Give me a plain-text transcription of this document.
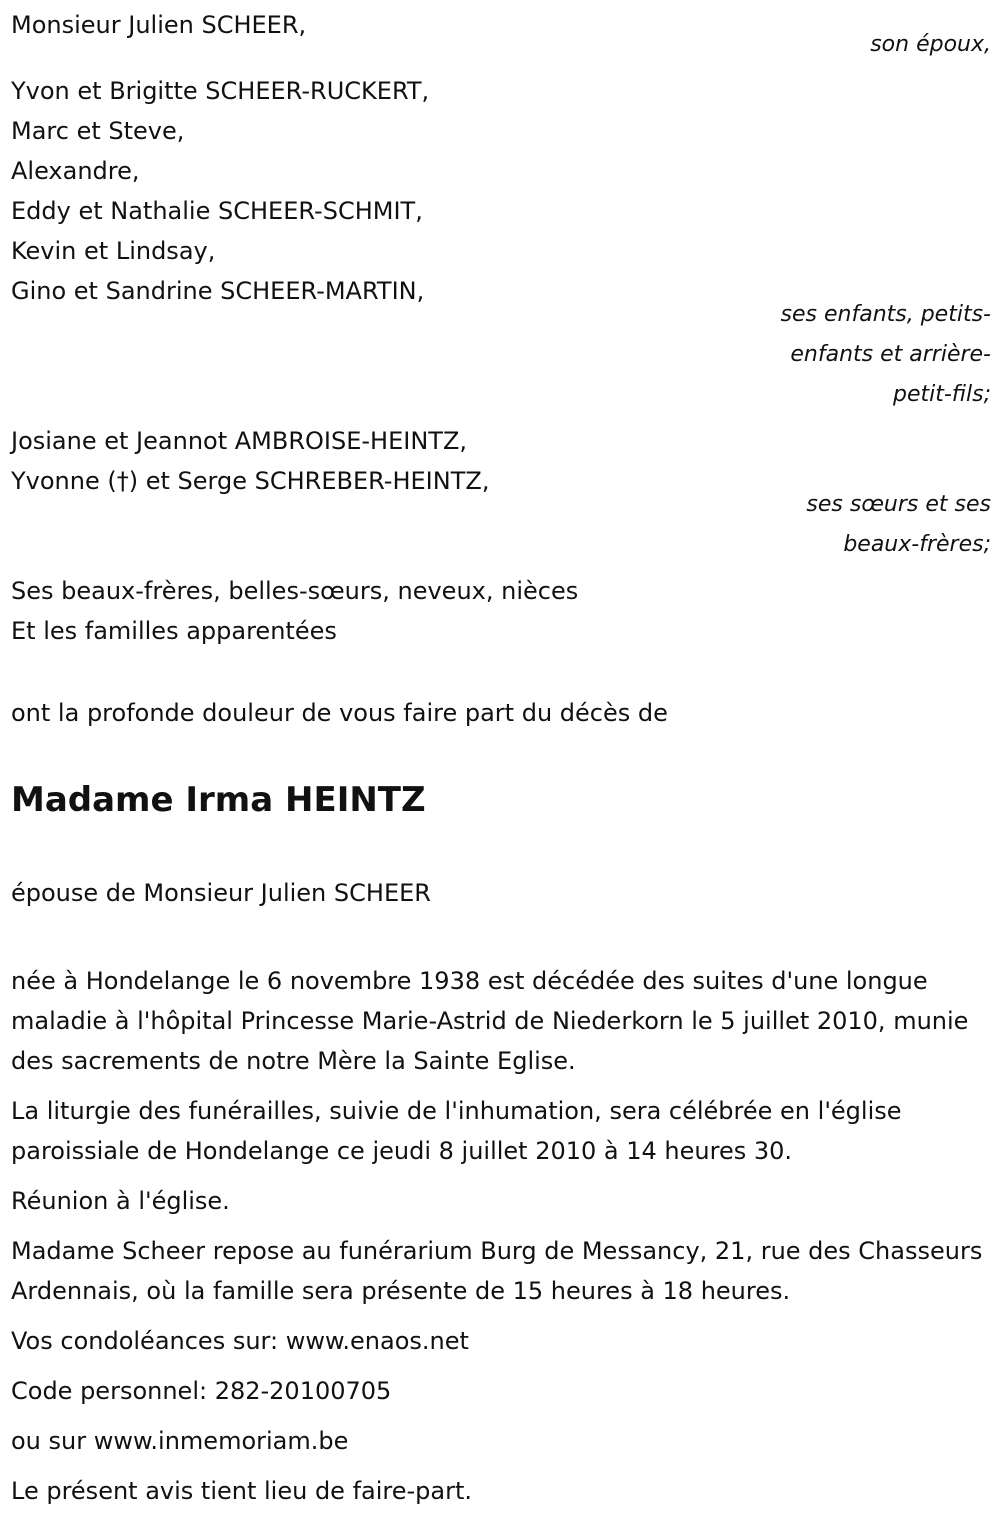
Monsieur Julien SCHEER,

son époux,

Yvon et Brigitte SCHEER-RUCKERT,

Marc et Steve,

Alexandre,

Eddy et Nathalie SCHEER-SCHMIT,

Kevin et Lindsay,

Gino et Sandrine SCHEER-MARTIN,

ses enfants, petits-

enfants et arrière-

petit-fils;

Josiane et Jeannot AMBROISE-HEINTZ,

Yvonne (†) et Serge SCHREBER-HEINTZ,

ses sœurs et ses

beaux-frères;

Ses beaux-frères, belles-sœurs, neveux, nièces

Et les familles apparentées

ont la profonde douleur de vous faire part du décès de

Madame Irma HEINTZ

épouse de Monsieur Julien SCHEER

née à Hondelange le 6 novembre 1938 est décédée des suites d'une longue maladie à l'hôpital Princesse Marie-Astrid de Niederkorn le 5 juillet 2010, munie des sacrements de notre Mère la Sainte Eglise.

La liturgie des funérailles, suivie de l'inhumation, sera célébrée en l'église paroissiale de Hondelange ce jeudi 8 juillet 2010 à 14 heures 30.

Réunion à l'église.

Madame Scheer repose au funérarium Burg de Messancy, 21, rue des Chasseurs Ardennais, où la famille sera présente de 15 heures à 18 heures.

Vos condoléances sur: www.enaos.net

Code personnel: 282-20100705

ou sur www.inmemoriam.be

Le présent avis tient lieu de faire-part.
